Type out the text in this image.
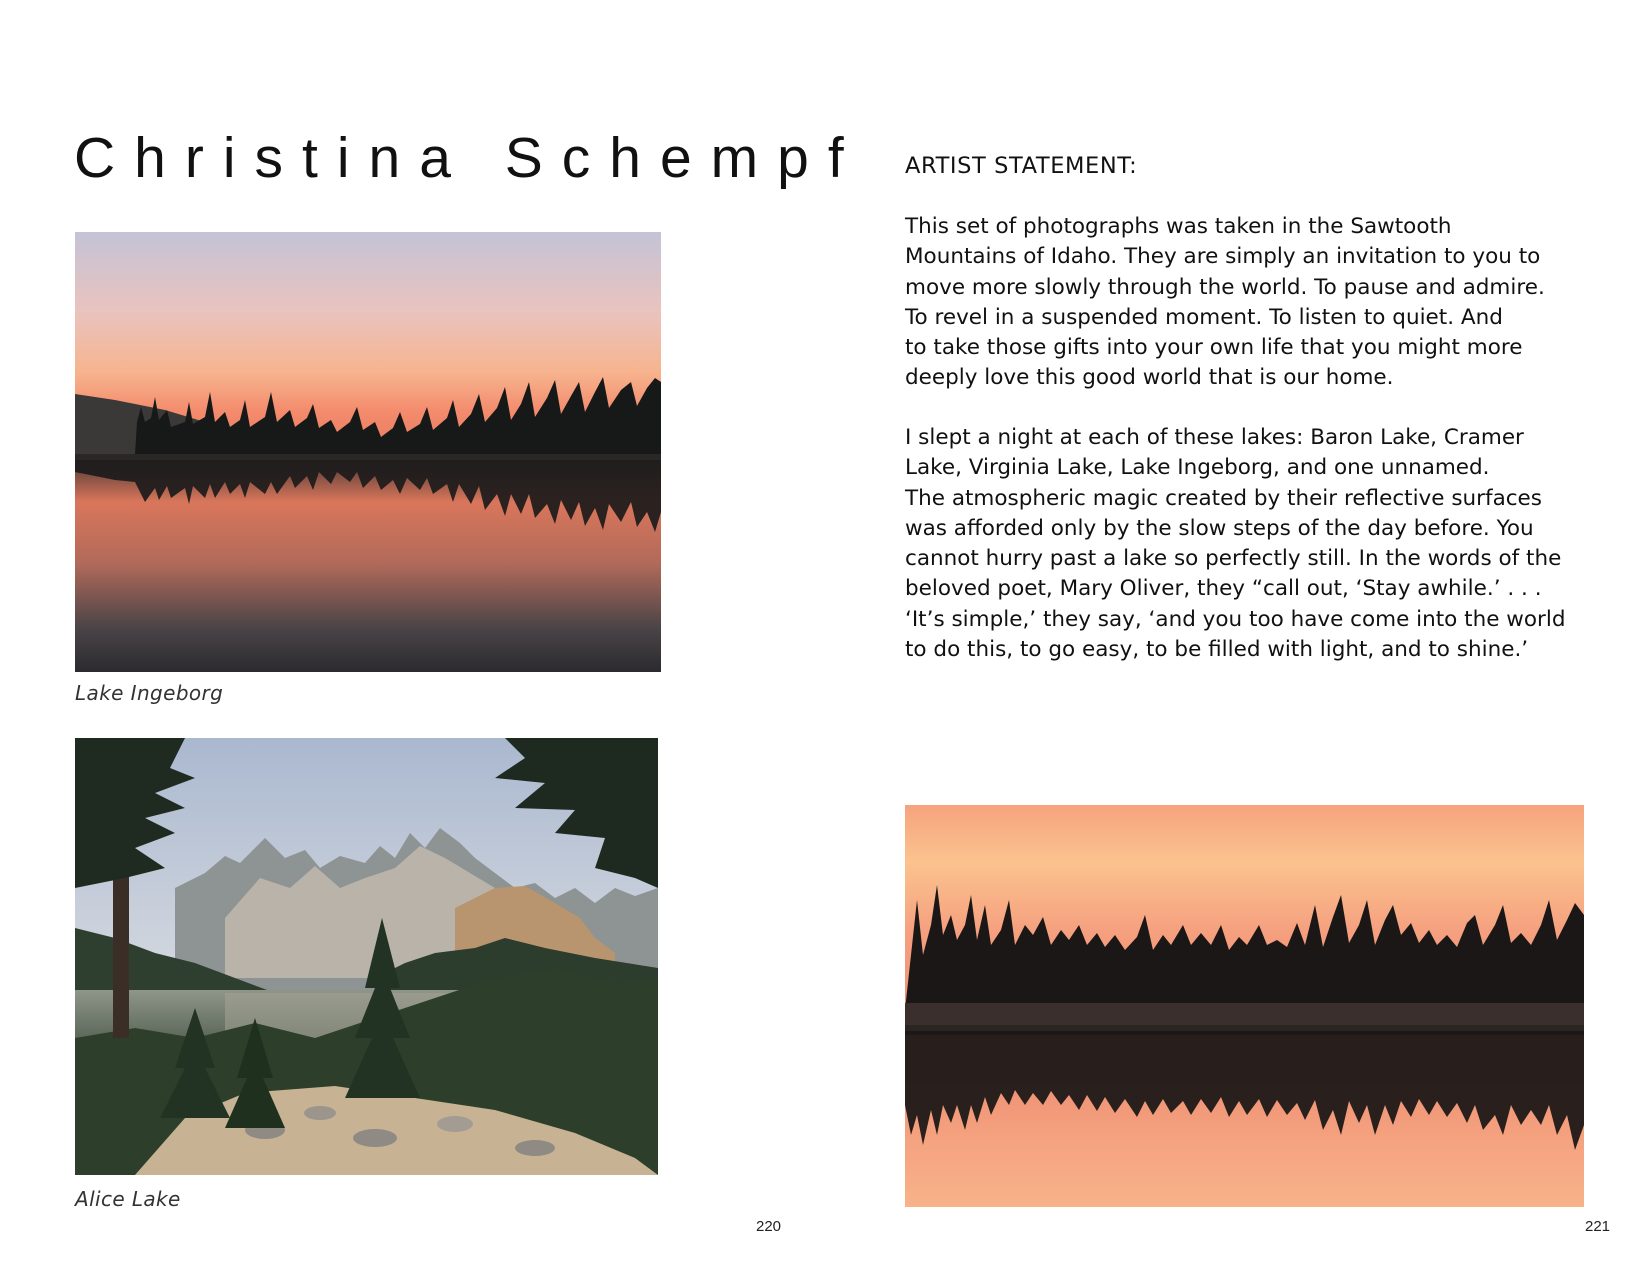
Christina Schempf
Lake Ingeborg
Alice Lake
220
ARTIST STATEMENT:

This set of photographs was taken in the Sawtooth
Mountains of Idaho. They are simply an invitation to you to
move more slowly through the world. To pause and admire.
To revel in a suspended moment. To listen to quiet. And
to take those gifts into your own life that you might more
deeply love this good world that is our home.

I slept a night at each of these lakes: Baron Lake, Cramer
Lake, Virginia Lake, Lake Ingeborg, and one unnamed.
The atmospheric magic created by their reflective surfaces
was afforded only by the slow steps of the day before. You
cannot hurry past a lake so perfectly still. In the words of the
beloved poet, Mary Oliver, they “call out, ‘Stay awhile.’ . . .
‘It’s simple,’ they say, ‘and you too have come into the world
to do this, to go easy, to be filled with light, and to shine.’

221
